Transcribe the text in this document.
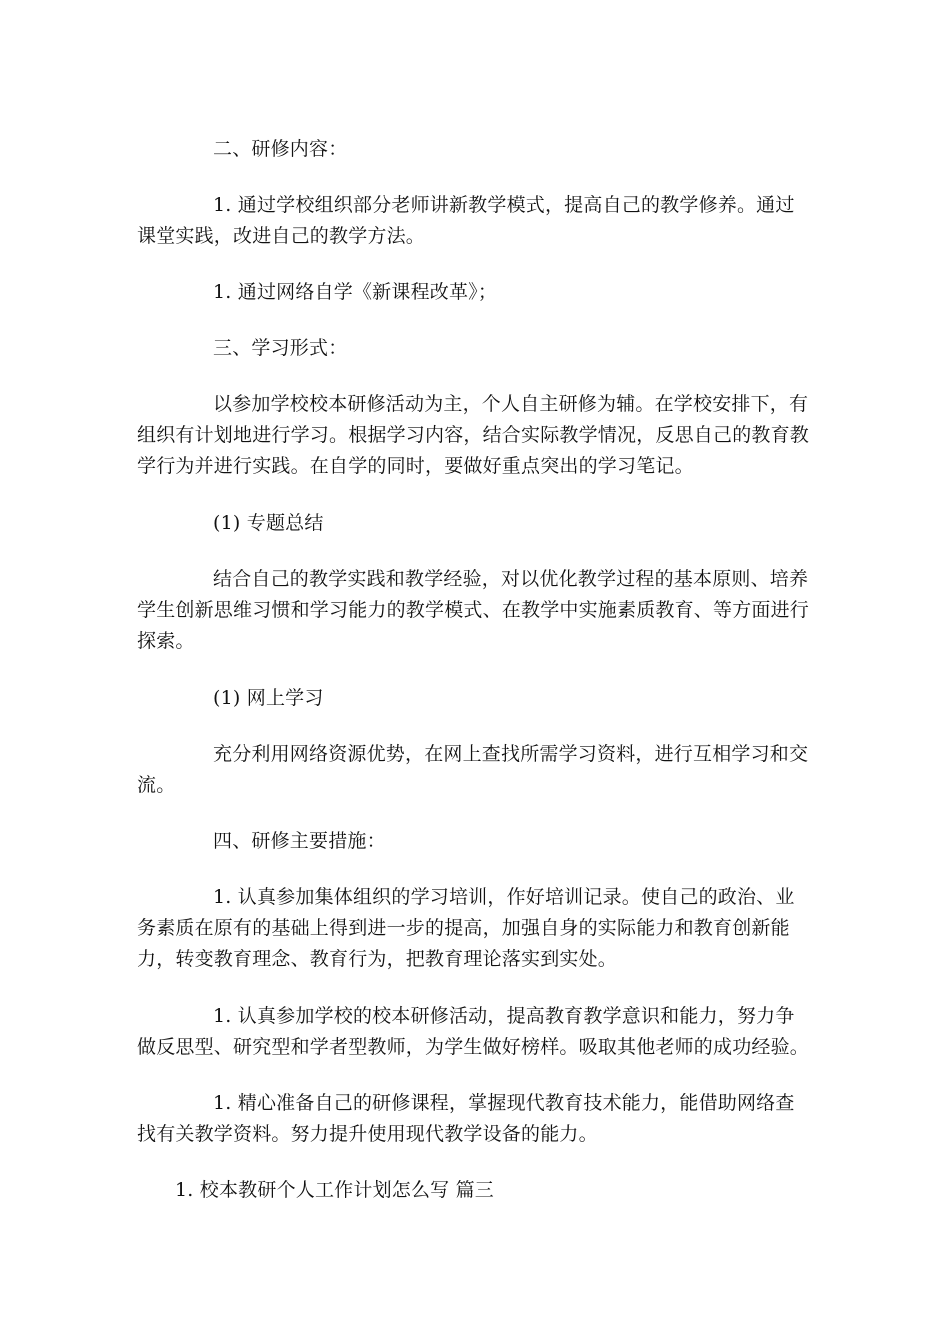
二、研修内容：

1. 通过学校组织部分老师讲新教学模式，提高自己的教学修养。通过课堂实践，改进自己的教学方法。

1. 通过网络自学《新课程改革》；

三、学习形式：

以参加学校校本研修活动为主，个人自主研修为辅。在学校安排下，有组织有计划地进行学习。根据学习内容，结合实际教学情况，反思自己的教育教学行为并进行实践。在自学的同时，要做好重点突出的学习笔记。

(1) 专题总结

结合自己的教学实践和教学经验，对以优化教学过程的基本原则、培养学生创新思维习惯和学习能力的教学模式、在教学中实施素质教育、等方面进行探索。

(1) 网上学习

充分利用网络资源优势，在网上查找所需学习资料，进行互相学习和交流。

四、研修主要措施：

1. 认真参加集体组织的学习培训，作好培训记录。使自己的政治、业务素质在原有的基础上得到进一步的提高，加强自身的实际能力和教育创新能力，转变教育理念、教育行为，把教育理论落实到实处。

1. 认真参加学校的校本研修活动，提高教育教学意识和能力，努力争做反思型、研究型和学者型教师，为学生做好榜样。吸取其他老师的成功经验。

1. 精心准备自己的研修课程，掌握现代教育技术能力，能借助网络查找有关教学资料。努力提升使用现代教学设备的能力。

1. 校本教研个人工作计划怎么写 篇三
